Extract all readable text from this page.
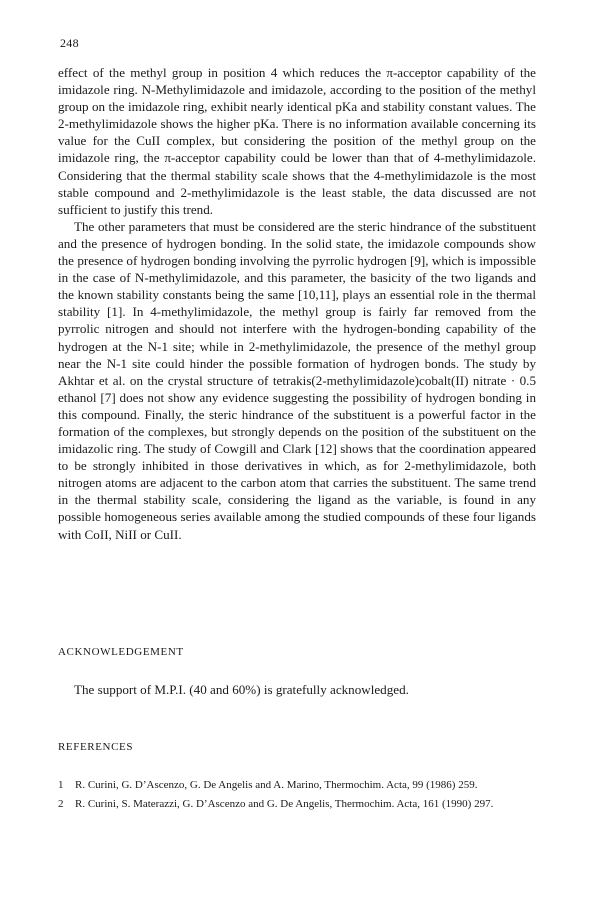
248

effect of the methyl group in position 4 which reduces the π-acceptor capability of the imidazole ring. N-Methylimidazole and imidazole, according to the position of the methyl group on the imidazole ring, exhibit nearly identical pKa and stability constant values. The 2-methylimidazole shows the higher pKa. There is no information available concerning its value for the CuII complex, but considering the position of the methyl group on the imidazole ring, the π-acceptor capability could be lower than that of 4-methylimidazole. Considering that the thermal stability scale shows that the 4-methylimidazole is the most stable compound and 2-methylimidazole is the least stable, the data discussed are not sufficient to justify this trend.

The other parameters that must be considered are the steric hindrance of the substituent and the presence of hydrogen bonding. In the solid state, the imidazole compounds show the presence of hydrogen bonding involving the pyrrolic hydrogen [9], which is impossible in the case of N-methylimidazole, and this parameter, the basicity of the two ligands and the known stability constants being the same [10,11], plays an essential role in the thermal stability [1]. In 4-methylimidazole, the methyl group is fairly far removed from the pyrrolic nitrogen and should not interfere with the hydrogen-bonding capability of the hydrogen at the N-1 site; while in 2-methylimidazole, the presence of the methyl group near the N-1 site could hinder the possible formation of hydrogen bonds. The study by Akhtar et al. on the crystal structure of tetrakis(2-methylimidazole)cobalt(II) nitrate · 0.5 ethanol [7] does not show any evidence suggesting the possibility of hydrogen bonding in this compound. Finally, the steric hindrance of the substituent is a powerful factor in the formation of the complexes, but strongly depends on the position of the substituent on the imidazolic ring. The study of Cowgill and Clark [12] shows that the coordination appeared to be strongly inhibited in those derivatives in which, as for 2-methylimidazole, both nitrogen atoms are adjacent to the carbon atom that carries the substituent. The same trend in the thermal stability scale, considering the ligand as the variable, is found in any possible homogeneous series available among the studied compounds of these four ligands with CoII, NiII or CuII.

ACKNOWLEDGEMENT
The support of M.P.I. (40 and 60%) is gratefully acknowledged.
REFERENCES
1 R. Curini, G. D’Ascenzo, G. De Angelis and A. Marino, Thermochim. Acta, 99 (1986) 259.
2 R. Curini, S. Materazzi, G. D’Ascenzo and G. De Angelis, Thermochim. Acta, 161 (1990) 297.
